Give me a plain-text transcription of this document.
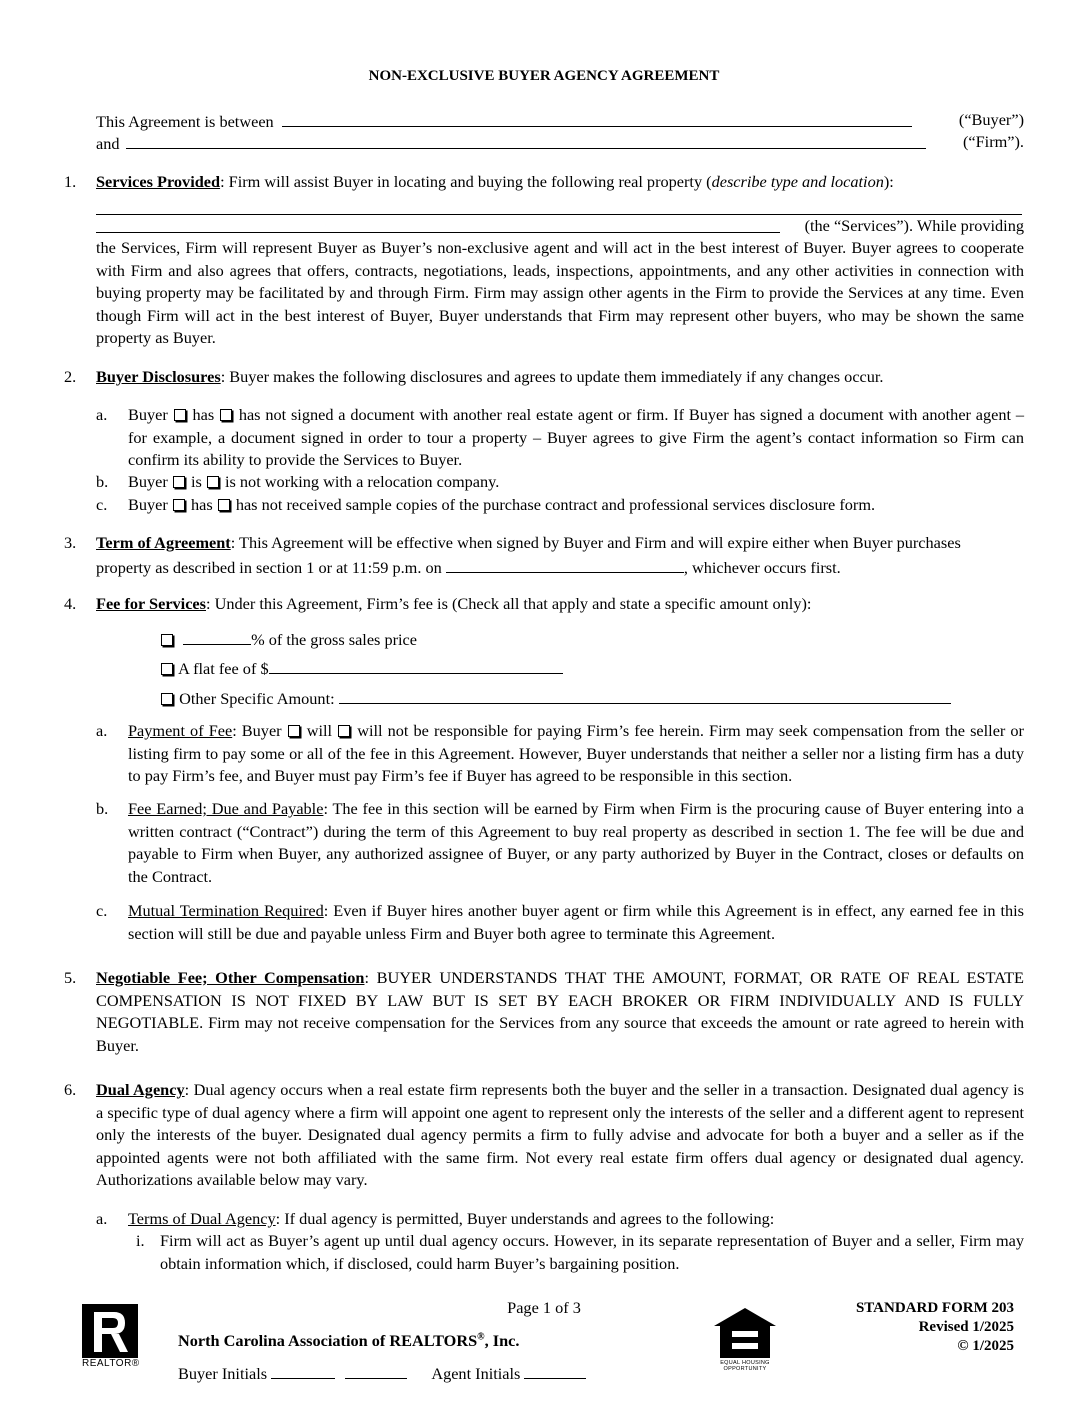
NON-EXCLUSIVE BUYER AGENCY AGREEMENT
This Agreement is between	(“Buyer”)
and	(“Firm”).
1.	Services Provided: Firm will assist Buyer in locating and buying the following real property (describe type and location):
(the “Services”). While providing
the Services, Firm will represent Buyer as Buyer’s non-exclusive agent and will act in the best interest of Buyer. Buyer agrees to cooperate with Firm and also agrees that offers, contracts, negotiations, leads, inspections, appointments, and any other activities in connection with buying property may be facilitated by and through Firm. Firm may assign other agents in the Firm to provide the Services at any time. Even though Firm will act in the best interest of Buyer, Buyer understands that Firm may represent other buyers, who may be shown the same property as Buyer.
2.	Buyer Disclosures: Buyer makes the following disclosures and agrees to update them immediately if any changes occur.
a.	Buyer has has not signed a document with another real estate agent or firm. If Buyer has signed a document with another agent – for example, a document signed in order to tour a property – Buyer agrees to give Firm the agent’s contact information so Firm can confirm its ability to provide the Services to Buyer.
b.	Buyer is is not working with a relocation company.
c.	Buyer has has not received sample copies of the purchase contract and professional services disclosure form.
3.	Term of Agreement: This Agreement will be effective when signed by Buyer and Firm and will expire either when Buyer purchases
property as described in section 1 or at 11:59 p.m. on	, whichever occurs first.
4.	Fee for Services: Under this Agreement, Firm’s fee is (Check all that apply and state a specific amount only):
% of the gross sales price
A flat fee of $
Other Specific Amount:
a.	Payment of Fee: Buyer will will not be responsible for paying Firm’s fee herein. Firm may seek compensation from the seller or listing firm to pay some or all of the fee in this Agreement. However, Buyer understands that neither a seller nor a listing firm has a duty to pay Firm’s fee, and Buyer must pay Firm’s fee if Buyer has agreed to be responsible in this section.
b.	Fee Earned; Due and Payable: The fee in this section will be earned by Firm when Firm is the procuring cause of Buyer entering into a written contract (“Contract”) during the term of this Agreement to buy real property as described in section 1. The fee will be due and payable to Firm when Buyer, any authorized assignee of Buyer, or any party authorized by Buyer in the Contract, closes or defaults on the Contract.
c.	Mutual Termination Required: Even if Buyer hires another buyer agent or firm while this Agreement is in effect, any earned fee in this section will still be due and payable unless Firm and Buyer both agree to terminate this Agreement.
5.	Negotiable Fee; Other Compensation: BUYER UNDERSTANDS THAT THE AMOUNT, FORMAT, OR RATE OF REAL ESTATE COMPENSATION IS NOT FIXED BY LAW BUT IS SET BY EACH BROKER OR FIRM INDIVIDUALLY AND IS FULLY NEGOTIABLE. Firm may not receive compensation for the Services from any source that exceeds the amount or rate agreed to herein with Buyer.
6.	Dual Agency: Dual agency occurs when a real estate firm represents both the buyer and the seller in a transaction. Designated dual agency is a specific type of dual agency where a firm will appoint one agent to represent only the interests of the seller and a different agent to represent only the interests of the buyer. Designated dual agency permits a firm to fully advise and advocate for both a buyer and a seller as if the appointed agents were not both affiliated with the same firm. Not every real estate firm offers dual agency or designated dual agency. Authorizations available below may vary.
a.	Terms of Dual Agency: If dual agency is permitted, Buyer understands and agrees to the following:
i. Firm will act as Buyer’s agent up until dual agency occurs. However, in its separate representation of Buyer and a seller, Firm may obtain information which, if disclosed, could harm Buyer’s bargaining position.
REALTOR®
Page 1 of 3
North Carolina Association of REALTORS®, Inc.
Buyer Initials	Agent Initials
EQUAL HOUSING OPPORTUNITY
STANDARD FORM 203
Revised 1/2025
© 1/2025
